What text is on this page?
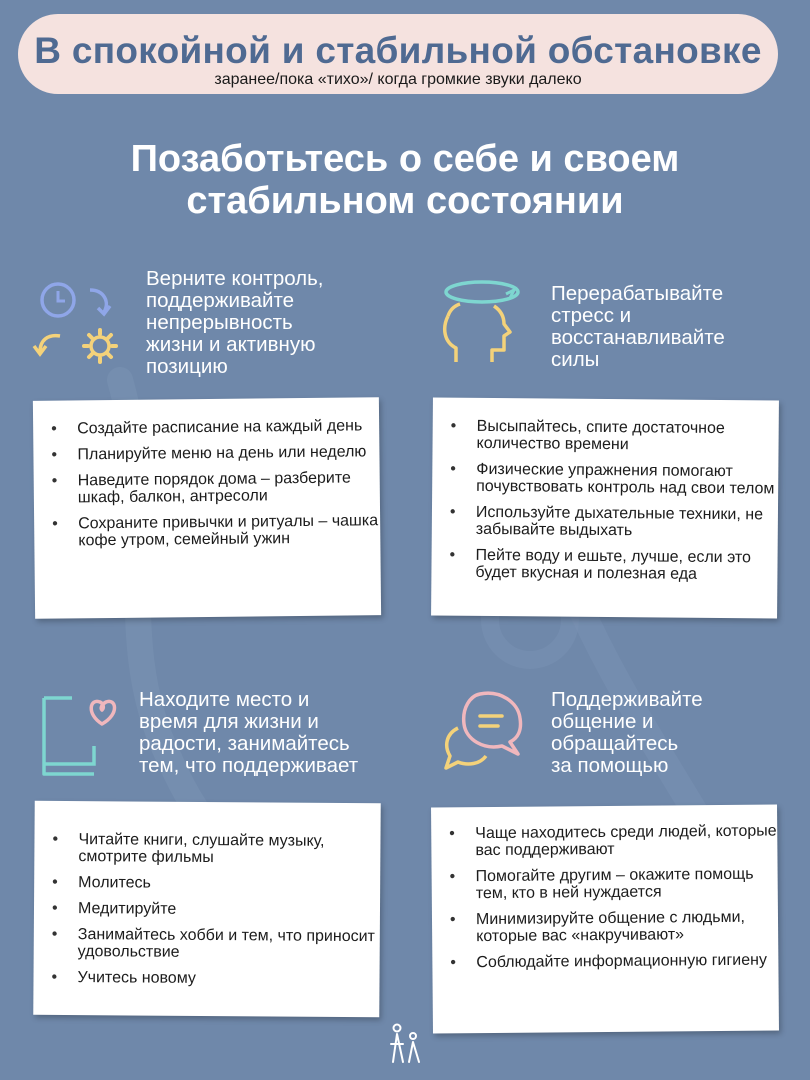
В спокойной и стабильной обстановке
заранее/пока «тихо»/ когда громкие звуки далеко
Позаботьтесь о себе и своем
стабильном состоянии
Верните контроль,
поддерживайте
непрерывность
жизни и активную
позицию
• Создайте расписание на каждый день
• Планируйте меню на день или неделю
• Наведите порядок дома – разберите шкаф, балкон, антресоли
• Сохраните привычки и ритуалы – чашка кофе утром, семейный ужин
Перерабатывайте
стресс и
восстанавливайте
силы
• Высыпайтесь, спите достаточное количество времени
• Физические упражнения помогают почувствовать контроль над свои телом
• Используйте дыхательные техники, не забывайте выдыхать
• Пейте воду и ешьте, лучше, если это будет вкусная и полезная еда
Находите место и
время для жизни и
радости, занимайтесь
тем, что поддерживает
• Читайте книги, слушайте музыку, смотрите фильмы
• Молитесь
• Медитируйте
• Занимайтесь хобби и тем, что приносит удовольствие
• Учитесь новому
Поддерживайте
общение и
обращайтесь
за помощью
• Чаще находитесь среди людей, которые вас поддерживают
• Помогайте другим – окажите помощь тем, кто в ней нуждается
• Минимизируйте общение с людьми, которые вас «накручивают»
• Соблюдайте информационную гигиену
